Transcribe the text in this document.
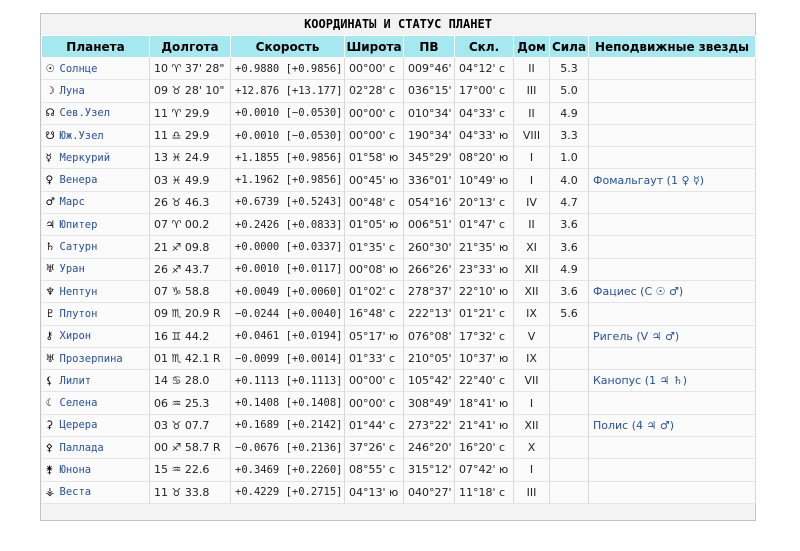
КООРДИНАТЫ И СТАТУС ПЛАНЕТ
Планета	Долгота	Скорость	Широта	ПВ	Скл.	Дом	Сила	Неподвижные звезды
☉ Солнце	10 ♈ 37' 28"	+0.9880 [+0.9856]	00°00' с	009°46'	04°12' с	II	5.3	
☽ Луна	09 ♉ 28' 10"	+12.876 [+13.177]	02°28' с	036°15'	17°00' с	III	5.0	
☊ Сев.Узел	11 ♈ 29.9	+0.0010 [−0.0530]	00°00' с	010°34'	04°33' с	II	4.9	
☋ Юж.Узел	11 ♎ 29.9	+0.0010 [−0.0530]	00°00' с	190°34'	04°33' ю	VIII	3.3	
☿ Меркурий	13 ♓ 24.9	+1.1855 [+0.9856]	01°58' ю	345°29'	08°20' ю	I	1.0	
♀ Венера	03 ♓ 49.9	+1.1962 [+0.9856]	00°45' ю	336°01'	10°49' ю	I	4.0	Фомальгаут (1 ♀ ☿)
♂ Марс	26 ♉ 46.3	+0.6739 [+0.5243]	00°48' с	054°16'	20°13' с	IV	4.7	
♃ Юпитер	07 ♈ 00.2	+0.2426 [+0.0833]	01°05' ю	006°51'	01°47' с	II	3.6	
♄ Сатурн	21 ♐ 09.8	+0.0000 [+0.0337]	01°35' с	260°30'	21°35' ю	XI	3.6	
♅ Уран	26 ♐ 43.7	+0.0010 [+0.0117]	00°08' ю	266°26'	23°33' ю	XII	4.9	
♆ Нептун	07 ♑ 58.8	+0.0049 [+0.0060]	01°02' с	278°37'	22°10' ю	XII	3.6	Фациес (С ☉ ♂)
♇ Плутон	09 ♏ 20.9 R	−0.0244 [+0.0040]	16°48' с	222°13'	01°21' с	IX	5.6	
⚷ Хирон	16 ♊ 44.2	+0.0461 [+0.0194]	05°17' ю	076°08'	17°32' с	V		Ригель (V ♃ ♂)
♅ Прозерпина	01 ♏ 42.1 R	−0.0099 [+0.0014]	01°33' с	210°05'	10°37' ю	IX		
⚸ Лилит	14 ♋ 28.0	+0.1113 [+0.1113]	00°00' с	105°42'	22°40' с	VII		Канопус (1 ♃ ♄)
☾ Селена	06 ♒ 25.3	+0.1408 [+0.1408]	00°00' с	308°49'	18°41' ю	I		
⚳ Церера	03 ♉ 07.7	+0.1689 [+0.2142]	01°44' с	273°22'	21°41' ю	XII		Полис (4 ♃ ♂)
⚴ Паллада	00 ♐ 58.7 R	−0.0676 [+0.2136]	37°26' с	246°20'	16°20' с	X		
⚵ Юнона	15 ♒ 22.6	+0.3469 [+0.2260]	08°55' с	315°12'	07°42' ю	I		
⚶ Веста	11 ♉ 33.8	+0.4229 [+0.2715]	04°13' ю	040°27'	11°18' с	III		
